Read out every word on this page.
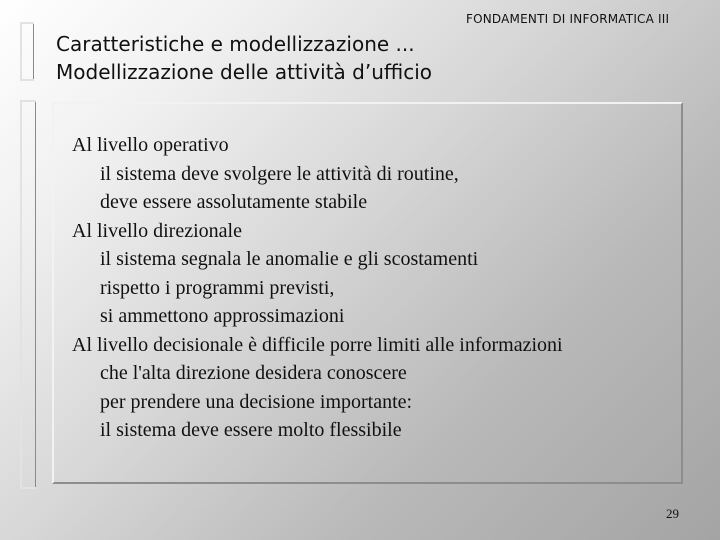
FONDAMENTI DI INFORMATICA III
Caratteristiche e modellizzazione ...
Modellizzazione delle attività d’ufficio
Al livello operativo
il sistema deve svolgere le attività di routine,
deve essere assolutamente stabile
Al livello direzionale
il sistema segnala le anomalie e gli scostamenti
rispetto i programmi previsti,
si ammettono approssimazioni
Al livello decisionale è difficile porre limiti alle informazioni
che l'alta direzione desidera conoscere
per prendere una decisione importante:
il sistema deve essere molto flessibile
29
